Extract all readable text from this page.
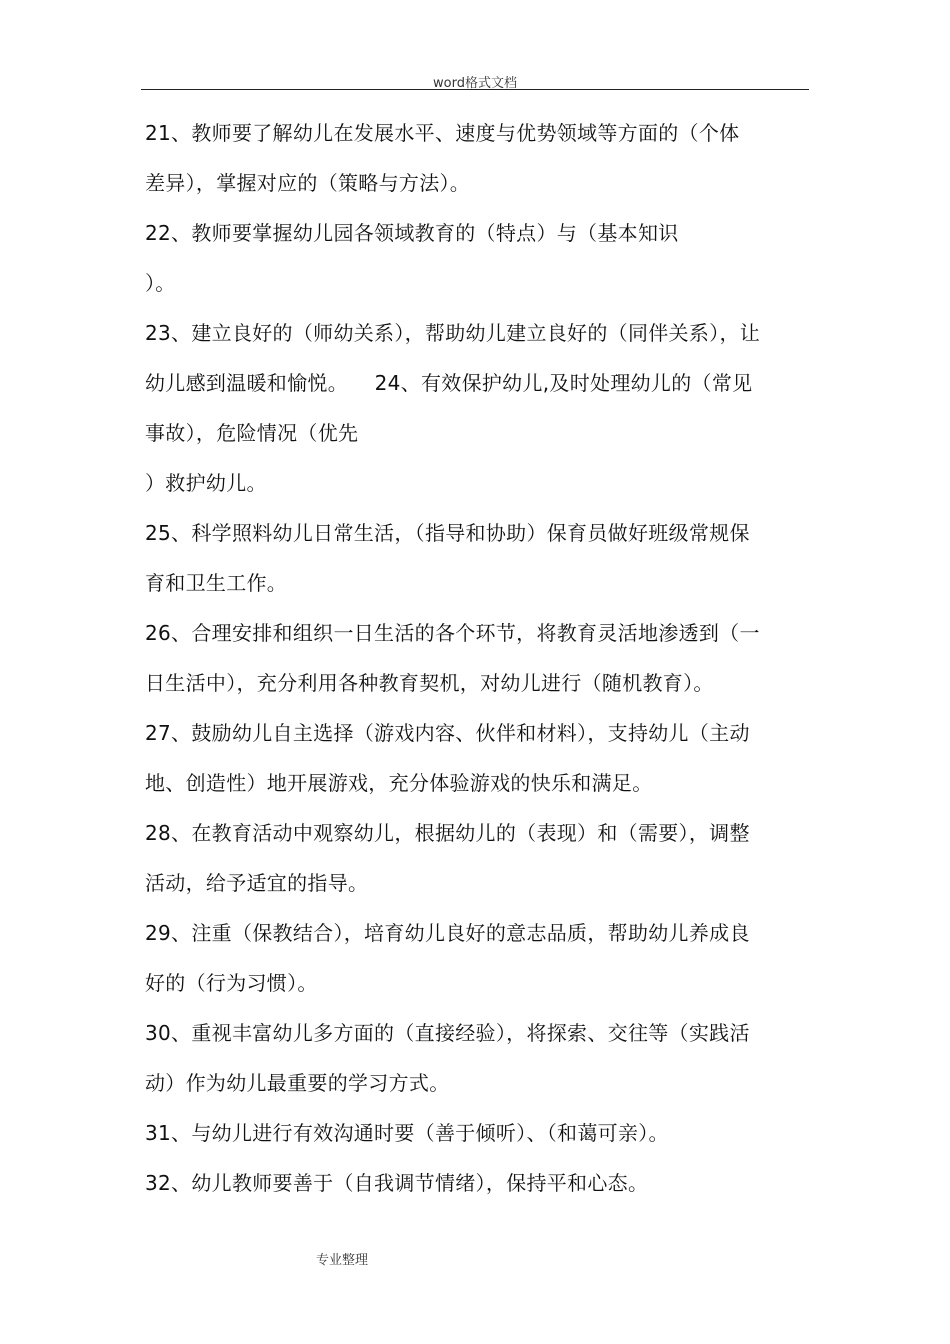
word格式文档
21、教师要了解幼儿在发展水平、速度与优势领域等方面的（个体
差异），掌握对应的（策略与方法）。
22、教师要掌握幼儿园各领域教育的（特点）与（基本知识
）。
23、建立良好的（师幼关系），帮助幼儿建立良好的（同伴关系），让
幼儿感到温暖和愉悦。    24、有效保护幼儿,及时处理幼儿的（常见
事故），危险情况（优先
）救护幼儿。
25、科学照料幼儿日常生活，（指导和协助）保育员做好班级常规保
育和卫生工作。
26、合理安排和组织一日生活的各个环节，将教育灵活地渗透到（一
日生活中），充分利用各种教育契机，对幼儿进行（随机教育）。
27、鼓励幼儿自主选择（游戏内容、伙伴和材料），支持幼儿（主动
地、创造性）地开展游戏，充分体验游戏的快乐和满足。
28、在教育活动中观察幼儿，根据幼儿的（表现）和（需要），调整
活动，给予适宜的指导。
29、注重（保教结合），培育幼儿良好的意志品质，帮助幼儿养成良
好的（行为习惯）。
30、重视丰富幼儿多方面的（直接经验），将探索、交往等（实践活
动）作为幼儿最重要的学习方式。
31、与幼儿进行有效沟通时要（善于倾听）、（和蔼可亲）。
32、幼儿教师要善于（自我调节情绪），保持平和心态。
专业整理
